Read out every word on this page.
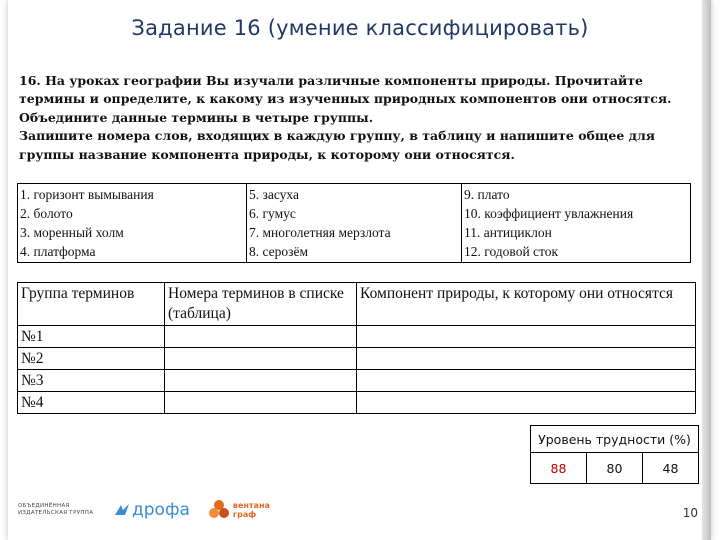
Задание 16 (умение классифицировать)
16. На уроках географии Вы изучали различные компоненты природы. Прочитайте
термины и определите, к какому из изученных природных компонентов они относятся.
Объедините данные термины в четыре группы.
Запишите номера слов, входящих в каждую группу, в таблицу и напишите общее для
группы название компонента природы, к которому они относятся.
1. горизонт вымывания
2. болото
3. моренный холм
4. платформа

5. засуха
6. гумус
7. многолетняя мерзлота
8. серозём

9. плато
10. коэффициент увлажнения
11. антициклон
12. годовой сток
Группа терминов	Номера терминов в списке (таблица)	Компонент природы, к которому они относятся
№1		
№2		
№3		
№4		
Уровень трудности (%)
88	80	48
ОБЪЕДИНЁННАЯ
ИЗДАТЕЛЬСКАЯ ГРУППА	дрофа	вентана
граф	10
